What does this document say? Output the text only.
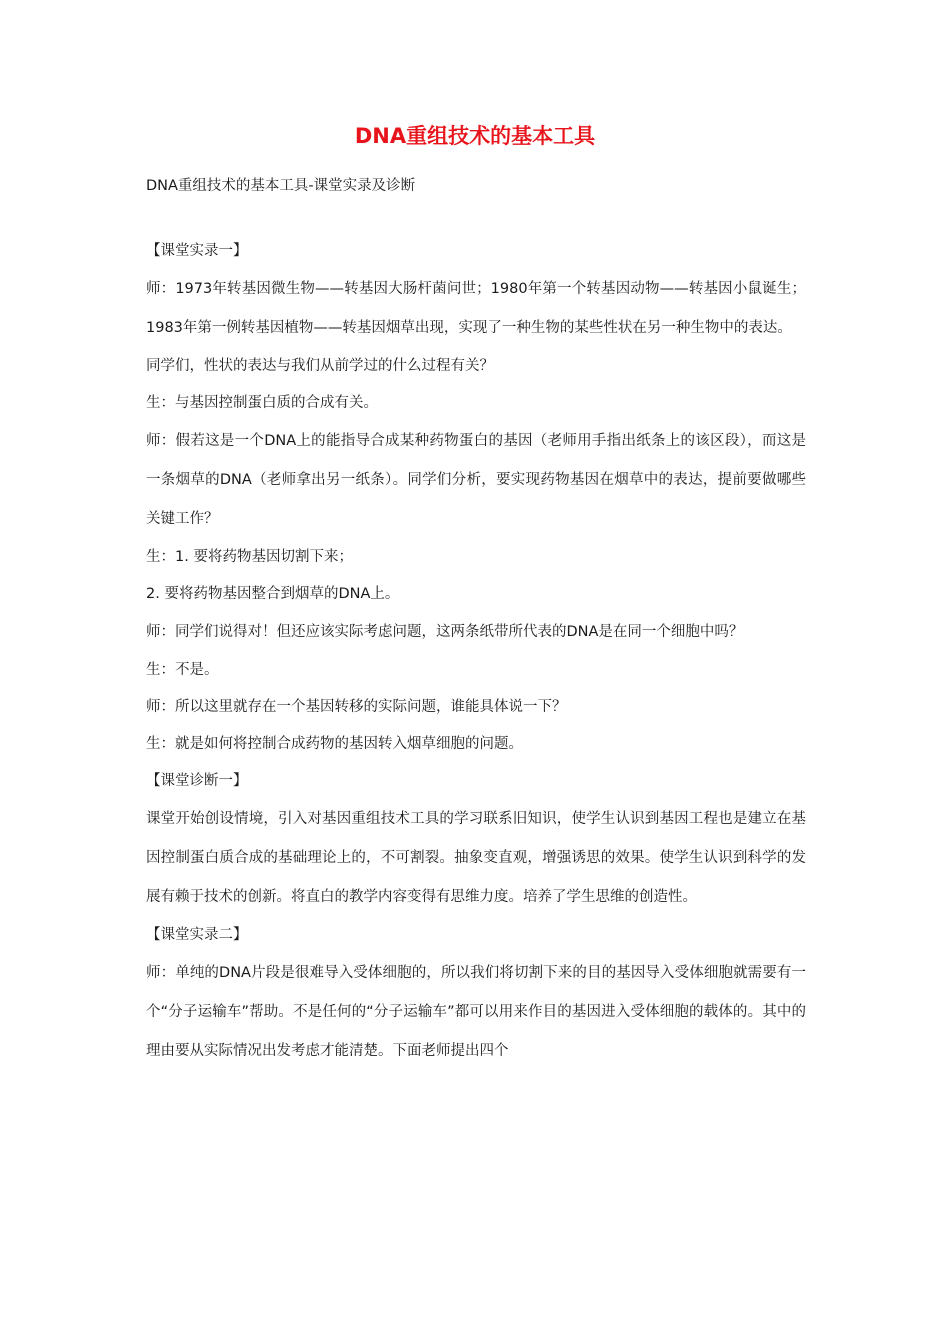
DNA重组技术的基本工具
DNA重组技术的基本工具-课堂实录及诊断

【课堂实录一】

师：1973年转基因微生物——转基因大肠杆菌问世；1980年第一个转基因动物——转基因小鼠诞生；1983年第一例转基因植物——转基因烟草出现，实现了一种生物的某些性状在另一种生物中的表达。

同学们，性状的表达与我们从前学过的什么过程有关？

生：与基因控制蛋白质的合成有关。

师：假若这是一个DNA上的能指导合成某种药物蛋白的基因（老师用手指出纸条上的该区段），而这是一条烟草的DNA（老师拿出另一纸条）。同学们分析，要实现药物基因在烟草中的表达，提前要做哪些关键工作？

生：1. 要将药物基因切割下来；

2. 要将药物基因整合到烟草的DNA上。

师：同学们说得对！但还应该实际考虑问题，这两条纸带所代表的DNA是在同一个细胞中吗？

生：不是。

师：所以这里就存在一个基因转移的实际问题，谁能具体说一下？

生：就是如何将控制合成药物的基因转入烟草细胞的问题。

【课堂诊断一】

课堂开始创设情境，引入对基因重组技术工具的学习联系旧知识，使学生认识到基因工程也是建立在基因控制蛋白质合成的基础理论上的，不可割裂。抽象变直观，增强诱思的效果。使学生认识到科学的发展有赖于技术的创新。将直白的教学内容变得有思维力度。培养了学生思维的创造性。

【课堂实录二】

师：单纯的DNA片段是很难导入受体细胞的，所以我们将切割下来的目的基因导入受体细胞就需要有一个“分子运输车”帮助。不是任何的“分子运输车”都可以用来作目的基因进入受体细胞的载体的。其中的理由要从实际情况出发考虑才能清楚。下面老师提出四个
